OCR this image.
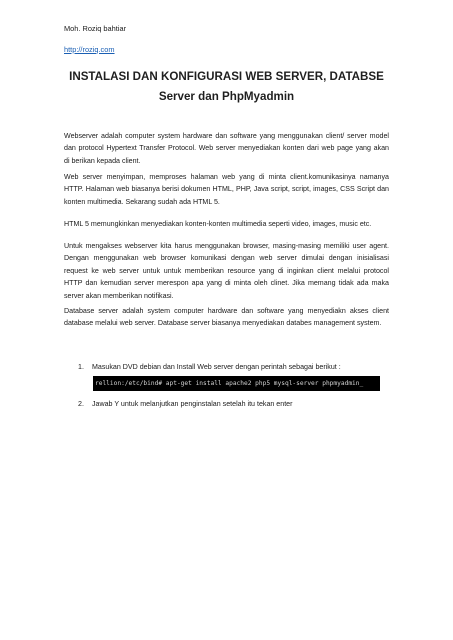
Moh. Roziq bahtiar
http://roziq.com
INSTALASI DAN KONFIGURASI WEB SERVER, DATABSE
Server dan PhpMyadmin
Webserver adalah computer system hardware dan software yang menggunakan client/ server model
dan protocol Hypertext Transfer Protocol. Web server menyediakan konten dari web page yang akan
di berikan kepada client.
Web server menyimpan, memproses halaman web yang di minta client.komunikasinya namanya
HTTP. Halaman web biasanya berisi dokumen HTML, PHP, Java script, script, images, CSS Script dan
konten multimedia. Sekarang sudah ada HTML 5.
HTML 5 memungkinkan menyediakan konten-konten multimedia seperti video, images, music etc.
Untuk mengakses webserver kita harus menggunakan browser, masing-masing memiliki user agent.
Dengan menggunakan web browser komunikasi dengan web server dimulai dengan inisialisasi
request ke web server untuk untuk memberikan resource yang di inginkan client melalui protocol
HTTP dan kemudian server merespon apa yang di minta oleh clinet. Jika memang tidak ada maka
server akan memberikan notifikasi.
Database server adalah system computer hardware dan software yang menyediakn akses client
database melalui web server. Database server biasanya menyediakan databes management system.
1. Masukan DVD debian dan Install Web server dengan perintah sebagai berikut :
rellion:/etc/bind# apt-get install apache2 php5 mysql-server phpmyadmin_
2. Jawab Y untuk melanjutkan penginstalan setelah itu tekan enter
